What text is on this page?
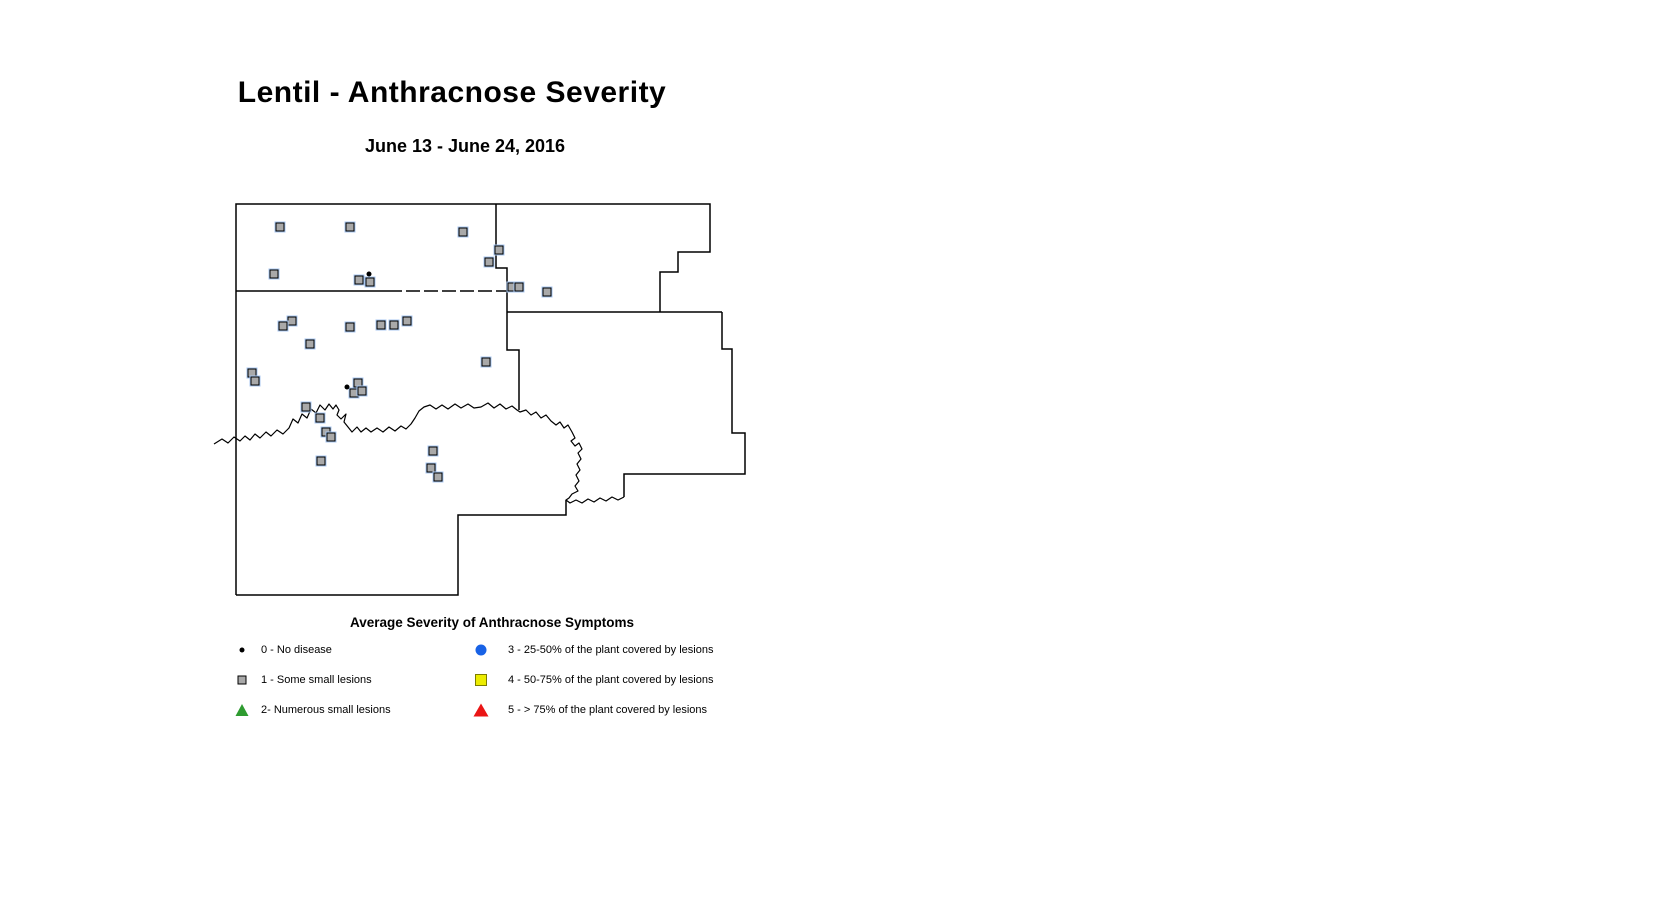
Lentil - Anthracnose Severity
June 13 - June 24, 2016
Average Severity of Anthracnose Symptoms
0 - No disease
1 - Some small lesions
2- Numerous small lesions
3 - 25-50% of the plant covered by lesions
4 - 50-75% of the plant covered by lesions
5 - > 75% of the plant covered by lesions
